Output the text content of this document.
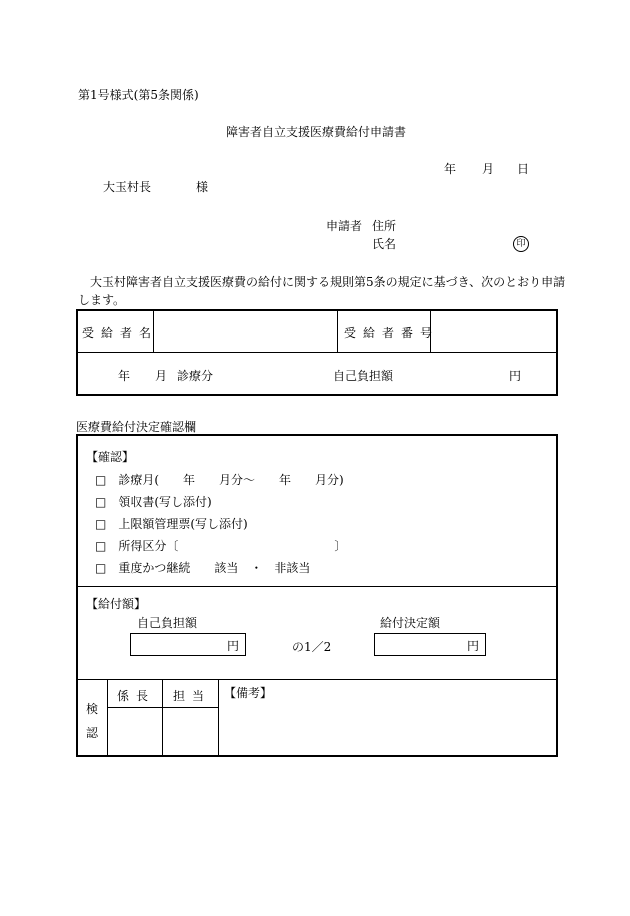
第1号様式(第5条関係)
障害者自立支援医療費給付申請書
年 月 日
大玉村長	様
申請者 住所
氏名	印
大玉村障害者自立支援医療費の給付に関する規則第5条の規定に基づき、次のとおり申請
します。
受給者名	受給者番号
年 月 診療分	自己負担額	円
医療費給付決定確認欄
【確認】
□　診療月(　　年　　月分～　　年　　月分)
□　領収書(写し添付)
□　上限額管理票(写し添付)
□　所得区分〔　　　　　　　　　　　　　〕
□　重度かつ継続　　該当　・　非該当
【給付額】
自己負担額	給付決定額
円	の1／2	円
検
認
係長 担当 【備考】
